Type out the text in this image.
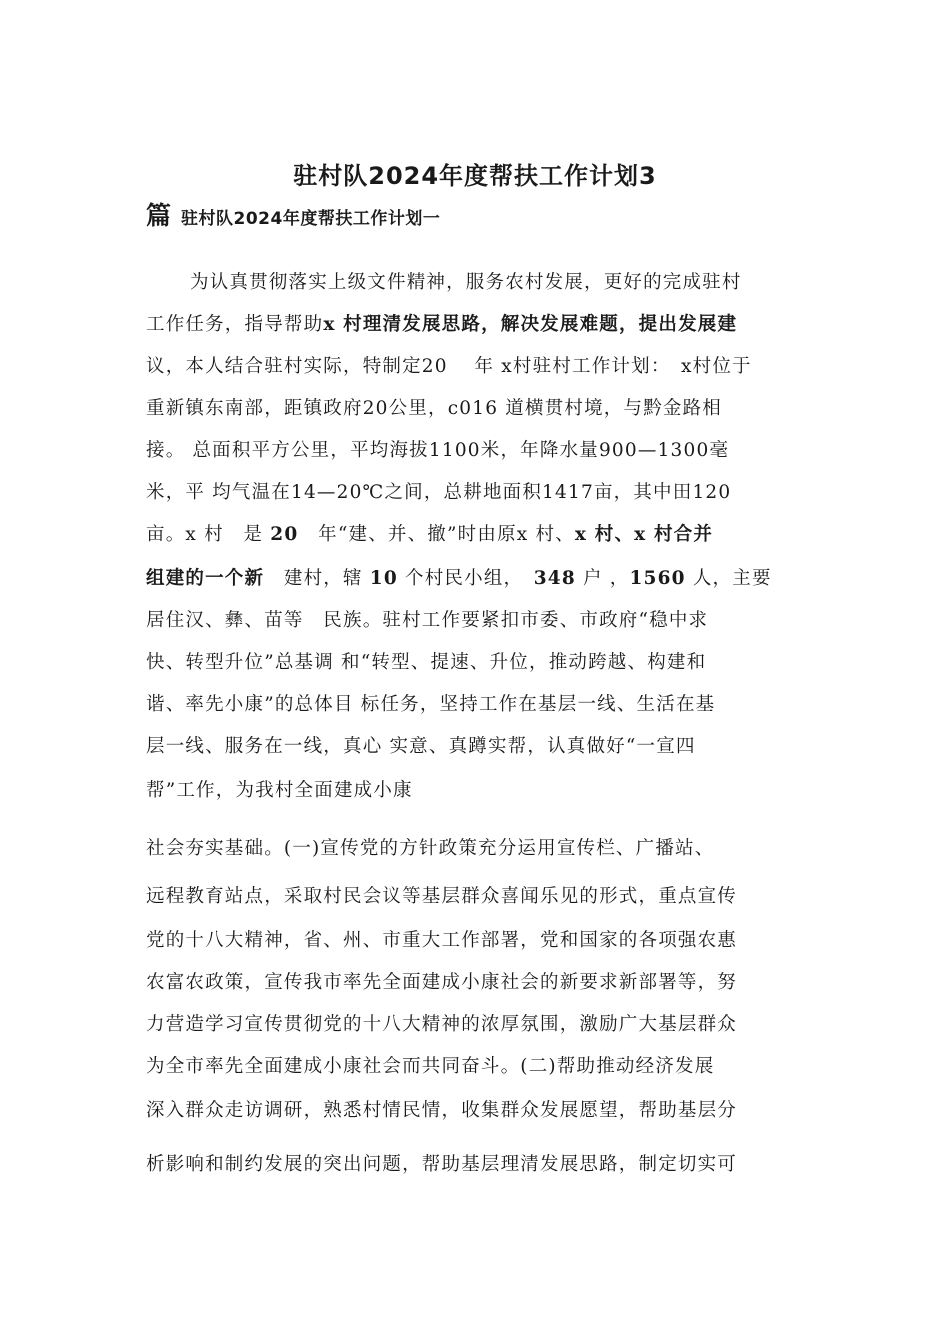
驻村队2024年度帮扶工作计划3
篇 驻村队2024年度帮扶工作计划一
为认真贯彻落实上级文件精神，服务农村发展，更好的完成驻村
工作任务，指导帮助x 村理清发展思路，解决发展难题，提出发展建
议，本人结合驻村实际，特制定20　 年 x村驻村工作计划：　x村位于
重新镇东南部，距镇政府20公里，c016 道横贯村境，与黔金路相
接。 总面积平方公里，平均海拔1100米，年降水量900—1300毫
米，平 均气温在14—20℃之间，总耕地面积1417亩，其中田120
亩。x 村　是 20　年“建、并、撤”时由原x 村、x 村、x 村合并
组建的一个新　建村，辖 10 个村民小组，　348 户 ，1560 人，主要
居住汉、彝、苗等　民族。驻村工作要紧扣市委、市政府“稳中求
快、转型升位”总基调 和“转型、提速、升位，推动跨越、构建和
谐、率先小康”的总体目 标任务，坚持工作在基层一线、生活在基
层一线、服务在一线，真心 实意、真蹲实帮，认真做好“一宣四
帮”工作，为我村全面建成小康
社会夯实基础。(一)宣传党的方针政策充分运用宣传栏、广播站、
远程教育站点，采取村民会议等基层群众喜闻乐见的形式，重点宣传
党的十八大精神，省、州、市重大工作部署，党和国家的各项强农惠
农富农政策，宣传我市率先全面建成小康社会的新要求新部署等，努
力营造学习宣传贯彻党的十八大精神的浓厚氛围，激励广大基层群众
为全市率先全面建成小康社会而共同奋斗。(二)帮助推动经济发展
深入群众走访调研，熟悉村情民情，收集群众发展愿望，帮助基层分
析影响和制约发展的突出问题，帮助基层理清发展思路，制定切实可
